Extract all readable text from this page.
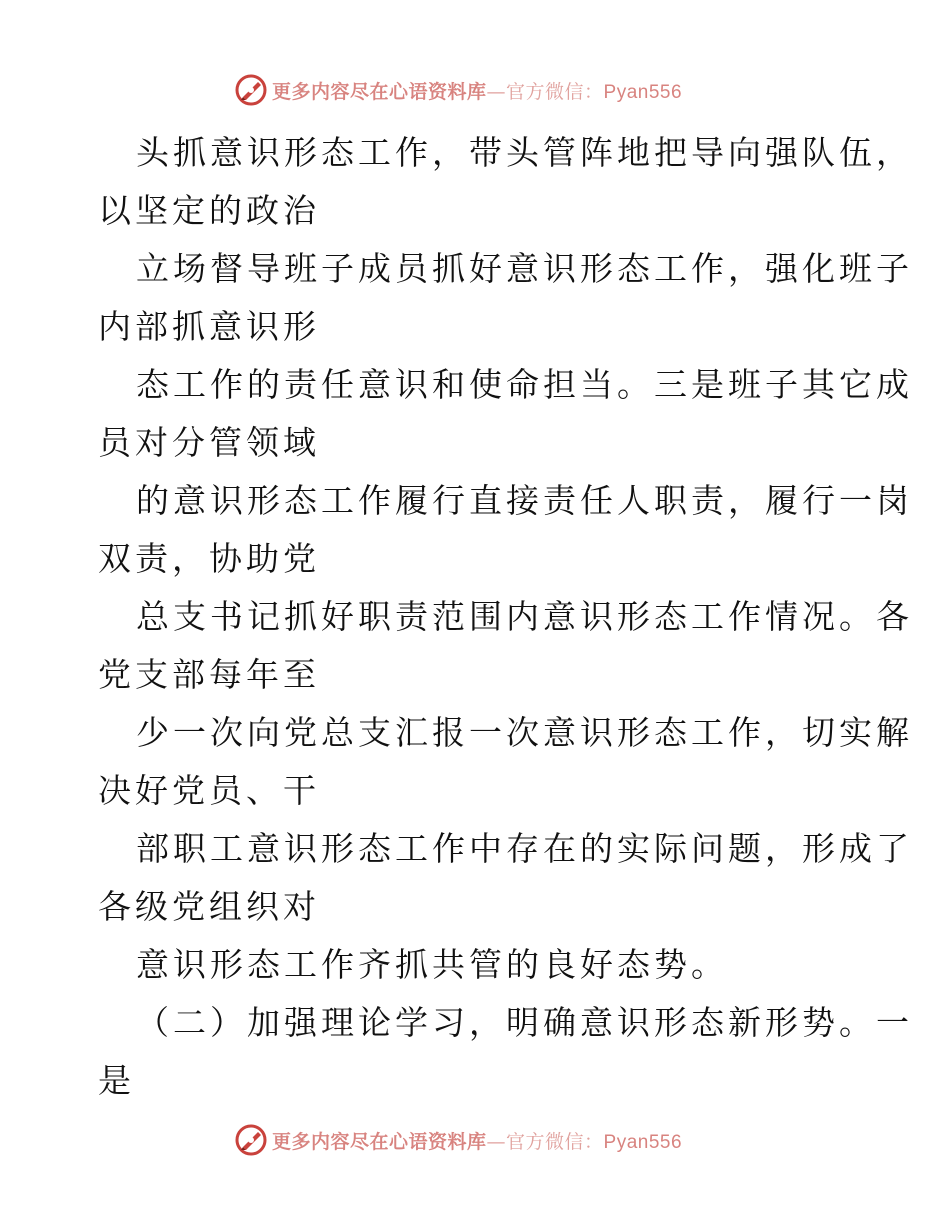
更多内容尽在心语资料库—官方微信：Pyan556
头抓意识形态工作，带头管阵地把导向强队伍，
以坚定的政治
立场督导班子成员抓好意识形态工作，强化班子
内部抓意识形
态工作的责任意识和使命担当。三是班子其它成
员对分管领域
的意识形态工作履行直接责任人职责，履行一岗
双责，协助党
总支书记抓好职责范围内意识形态工作情况。各
党支部每年至
少一次向党总支汇报一次意识形态工作，切实解
决好党员、干
部职工意识形态工作中存在的实际问题，形成了
各级党组织对
意识形态工作齐抓共管的良好态势。
（二）加强理论学习，明确意识形态新形势。一
是
更多内容尽在心语资料库—官方微信：Pyan556
